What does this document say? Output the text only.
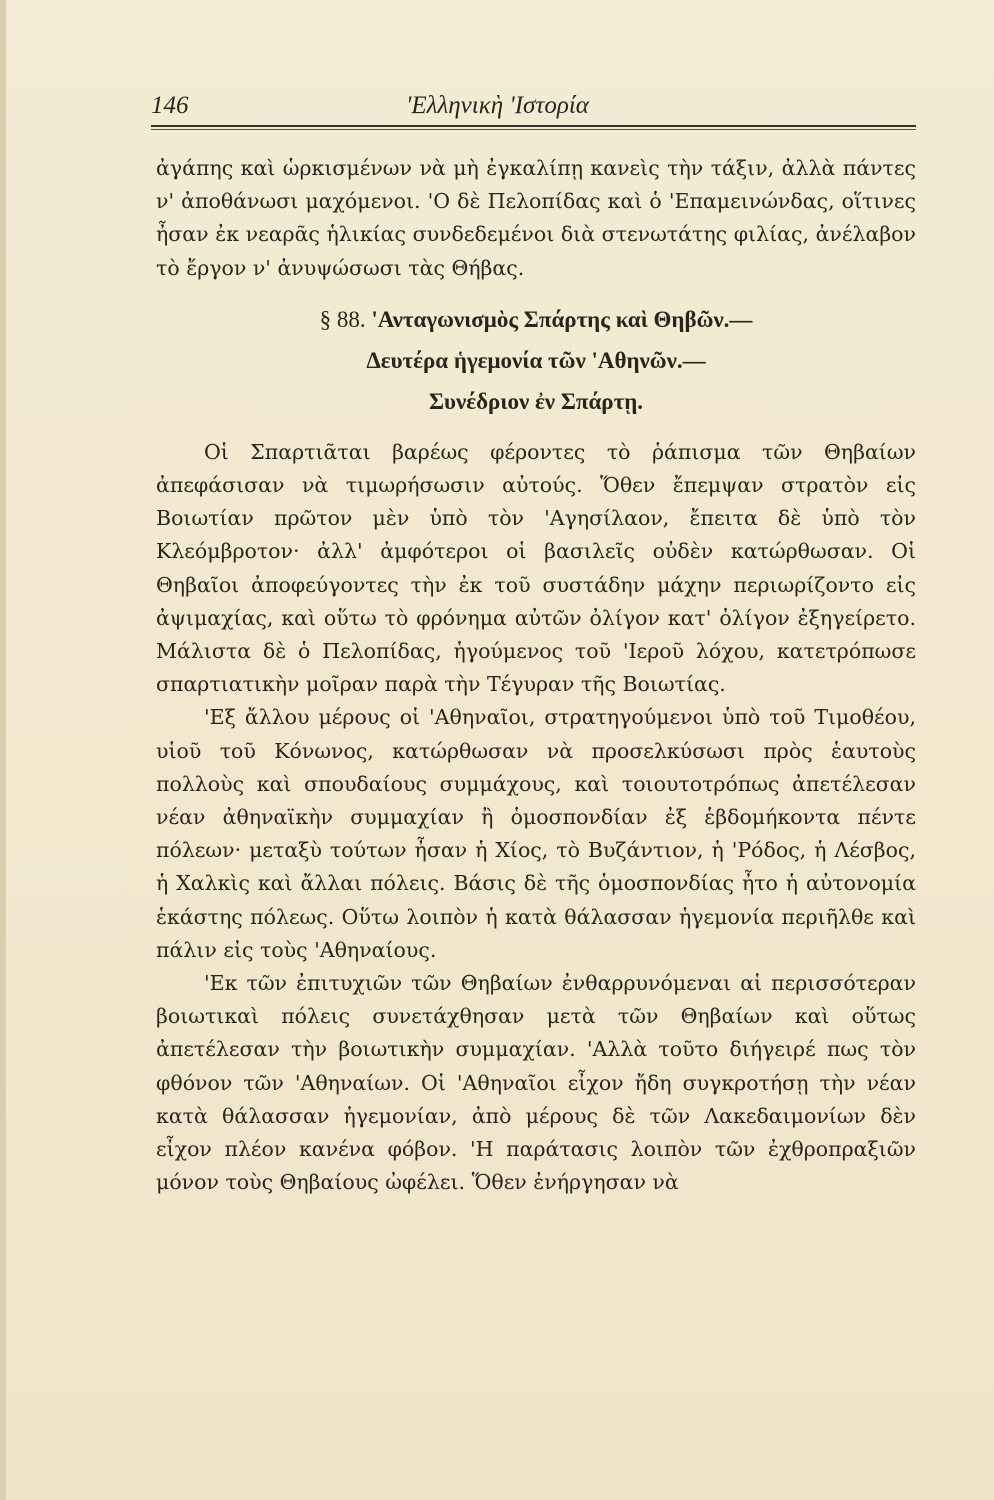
146	'Ελληνικὴ 'Ιστορία

ἀγάπης καὶ ὡρκισμένων νὰ μὴ ἐγκαλίπῃ κανεὶς τὴν τάξιν, ἀλλὰ πάντες ν' ἀποθάνωσι μαχόμενοι. 'Ο δὲ Πελοπίδας καὶ ὁ 'Επαμεινώνδας, οἵτινες ἦσαν ἐκ νεαρᾶς ἡλικίας συνδεδεμένοι διὰ στενωτάτης φιλίας, ἀνέλαβον τὸ ἔργον ν' ἀνυψώσωσι τὰς Θήβας.

§ 88. 'Ανταγωνισμὸς Σπάρτης καὶ Θηβῶν.—
Δευτέρα ἡγεμονία τῶν 'Αθηνῶν.—
Συνέδριον ἐν Σπάρτῃ.

Οἱ Σπαρτιᾶται βαρέως φέροντες τὸ ῥάπισμα τῶν Θηβαίων ἀπεφάσισαν νὰ τιμωρήσωσιν αὐτούς. Ὅθεν ἔπεμψαν στρατὸν εἰς Βοιωτίαν πρῶτον μὲν ὑπὸ τὸν 'Αγησίλαον, ἔπειτα δὲ ὑπὸ τὸν Κλεόμβροτον· ἀλλ' ἀμφότεροι οἱ βασιλεῖς οὐδὲν κατώρθωσαν. Οἱ Θηβαῖοι ἀποφεύγοντες τὴν ἐκ τοῦ συστάδην μάχην περιωρίζοντο εἰς ἀψιμαχίας, καὶ οὕτω τὸ φρόνημα αὐτῶν ὀλίγον κατ' ὀλίγον ἐξηγείρετο. Μάλιστα δὲ ὁ Πελοπίδας, ἡγούμενος τοῦ 'Ιεροῦ λόχου, κατετρόπωσε σπαρτιατικὴν μοῖραν παρὰ τὴν Τέγυραν τῆς Βοιωτίας.

'Εξ ἄλλου μέρους οἱ 'Αθηναῖοι, στρατηγούμενοι ὑπὸ τοῦ Τιμοθέου, υἱοῦ τοῦ Κόνωνος, κατώρθωσαν νὰ προσελκύσωσι πρὸς ἑαυτοὺς πολλοὺς καὶ σπουδαίους συμμάχους, καὶ τοιουτοτρόπως ἀπετέλεσαν νέαν ἀθηναϊκὴν συμμαχίαν ἢ ὁμοσπονδίαν ἐξ ἑβδομήκοντα πέντε πόλεων· μεταξὺ τούτων ἦσαν ἡ Χίος, τὸ Βυζάντιον, ἡ 'Ρόδος, ἡ Λέσβος, ἡ Χαλκὶς καὶ ἄλλαι πόλεις. Βάσις δὲ τῆς ὁμοσπονδίας ἦτο ἡ αὐτονομία ἑκάστης πόλεως. Οὕτω λοιπὸν ἡ κατὰ θάλασσαν ἡγεμονία περιῆλθε καὶ πάλιν εἰς τοὺς 'Αθηναίους.

'Εκ τῶν ἐπιτυχιῶν τῶν Θηβαίων ἐνθαρρυνόμεναι αἱ περισσότεραν βοιωτικαὶ πόλεις συνετάχθησαν μετὰ τῶν Θηβαίων καὶ οὕτως ἀπετέλεσαν τὴν βοιωτικὴν συμμαχίαν. 'Αλλὰ τοῦτο διήγειρέ πως τὸν φθόνον τῶν 'Αθηναίων. Οἱ 'Αθηναῖοι εἶχον ἤδη συγκροτήσῃ τὴν νέαν κατὰ θάλασσαν ἡγεμονίαν, ἀπὸ μέρους δὲ τῶν Λακεδαιμονίων δὲν εἶχον πλέον κανένα φόβον. 'Η παράτασις λοιπὸν τῶν ἐχθροπραξιῶν μόνον τοὺς Θηβαίους ὠφέλει. Ὅθεν ἐνήργησαν νὰ
